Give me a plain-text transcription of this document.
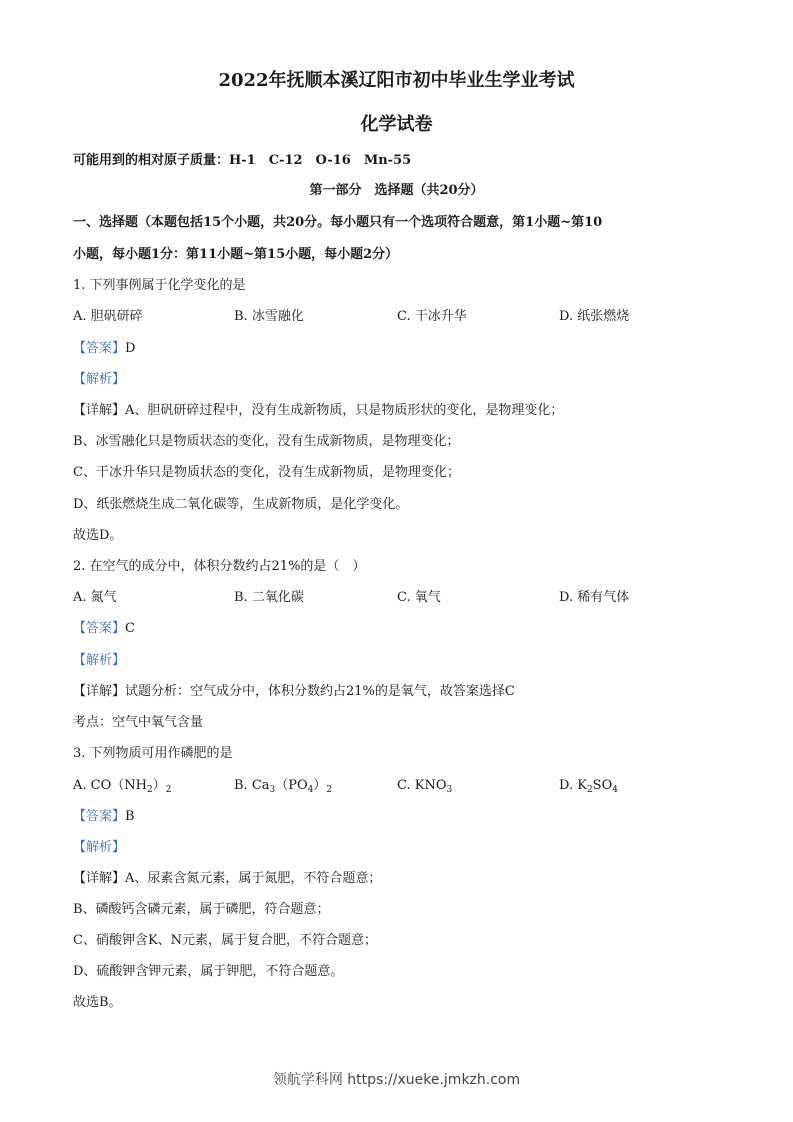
2022年抚顺本溪辽阳市初中毕业生学业考试
化学试卷
可能用到的相对原子质量：H-1　C-12　O-16　Mn-55
第一部分　选择题（共20分）
一、选择题（本题包括15个小题，共20分。每小题只有一个选项符合题意，第1小题~第10
小题，每小题1分：第11小题~第15小题，每小题2分）
1. 下列事例属于化学变化的是
A. 胆矾研碎	B. 冰雪融化	C. 干冰升华	D. 纸张燃烧
【答案】D
【解析】
【详解】A、胆矾研碎过程中，没有生成新物质，只是物质形状的变化，是物理变化；
B、冰雪融化只是物质状态的变化，没有生成新物质，是物理变化；
C、干冰升华只是物质状态的变化，没有生成新物质，是物理变化；
D、纸张燃烧生成二氧化碳等，生成新物质，是化学变化。
故选D。
2. 在空气的成分中，体积分数约占21%的是（　）
A. 氮气	B. 二氧化碳	C. 氧气	D. 稀有气体
【答案】C
【解析】
【详解】试题分析：空气成分中，体积分数约占21%的是氧气，故答案选择C
考点：空气中氧气含量
3. 下列物质可用作磷肥的是
A. $CO(NH_2)_2$	B. $Ca_3(PO_4)_2$	C. $KNO_3$	D. $K_2SO_4$
【答案】B
【解析】
【详解】A、尿素含氮元素，属于氮肥，不符合题意；
B、磷酸钙含磷元素，属于磷肥，符合题意；
C、硝酸钾含K、N元素，属于复合肥，不符合题意；
D、硫酸钾含钾元素，属于钾肥，不符合题意。
故选B。
领航学科网 https://xueke.jmkzh.com
